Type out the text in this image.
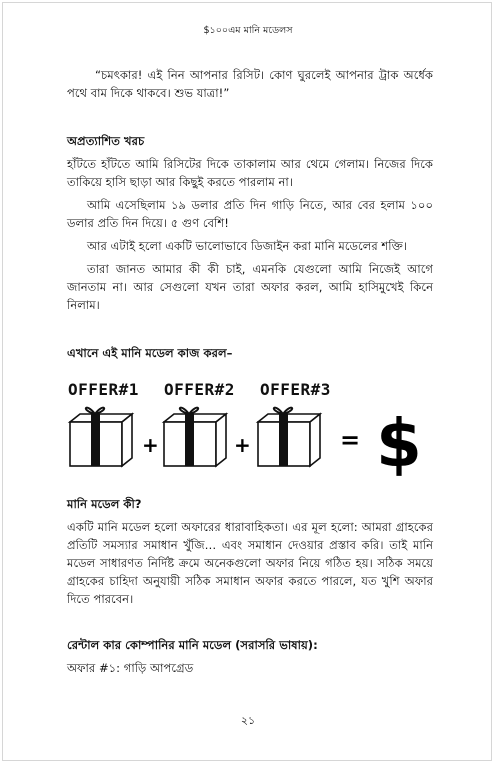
$১০০এম মানি মডেলস

“চমৎকার! এই নিন আপনার রিসিট। কোণ ঘুরলেই আপনার ট্রাক অর্ধেক পথে বাম দিকে থাকবে। শুভ যাত্রা!”

অপ্রত্যাশিত খরচ

হাঁটতে হাঁটতে আমি রিসিটের দিকে তাকালাম আর থেমে গেলাম। নিজের দিকে তাকিয়ে হাসি ছাড়া আর কিছুই করতে পারলাম না।

আমি এসেছিলাম ১৯ ডলার প্রতি দিন গাড়ি নিতে, আর বের হলাম ১০০ ডলার প্রতি দিন দিয়ে। ৫ গুণ বেশি!

আর এটাই হলো একটি ভালোভাবে ডিজাইন করা মানি মডেলের শক্তি।

তারা জানত আমার কী কী চাই, এমনকি যেগুলো আমি নিজেই আগে জানতাম না। আর সেগুলো যখন তারা অফার করল, আমি হাসিমুখেই কিনে নিলাম।

এখানে এই মানি মডেল কাজ করল–
OFFER#1 OFFER#2 OFFER#3
+	+	= $
মানি মডেল কী?

একটি মানি মডেল হলো অফারের ধারাবাহিকতা। এর মূল হলো: আমরা গ্রাহকের প্রতিটি সমস্যার সমাধান খুঁজি… এবং সমাধান দেওয়ার প্রস্তাব করি। তাই মানি মডেল সাধারণত নির্দিষ্ট ক্রমে অনেকগুলো অফার নিয়ে গঠিত হয়। সঠিক সময়ে গ্রাহকের চাহিদা অনুযায়ী সঠিক সমাধান অফার করতে পারলে, যত খুশি অফার দিতে পারবেন।

রেন্টাল কার কোম্পানির মানি মডেল (সরাসরি ভাষায়):

অফার #১: গাড়ি আপগ্রেড

২১
